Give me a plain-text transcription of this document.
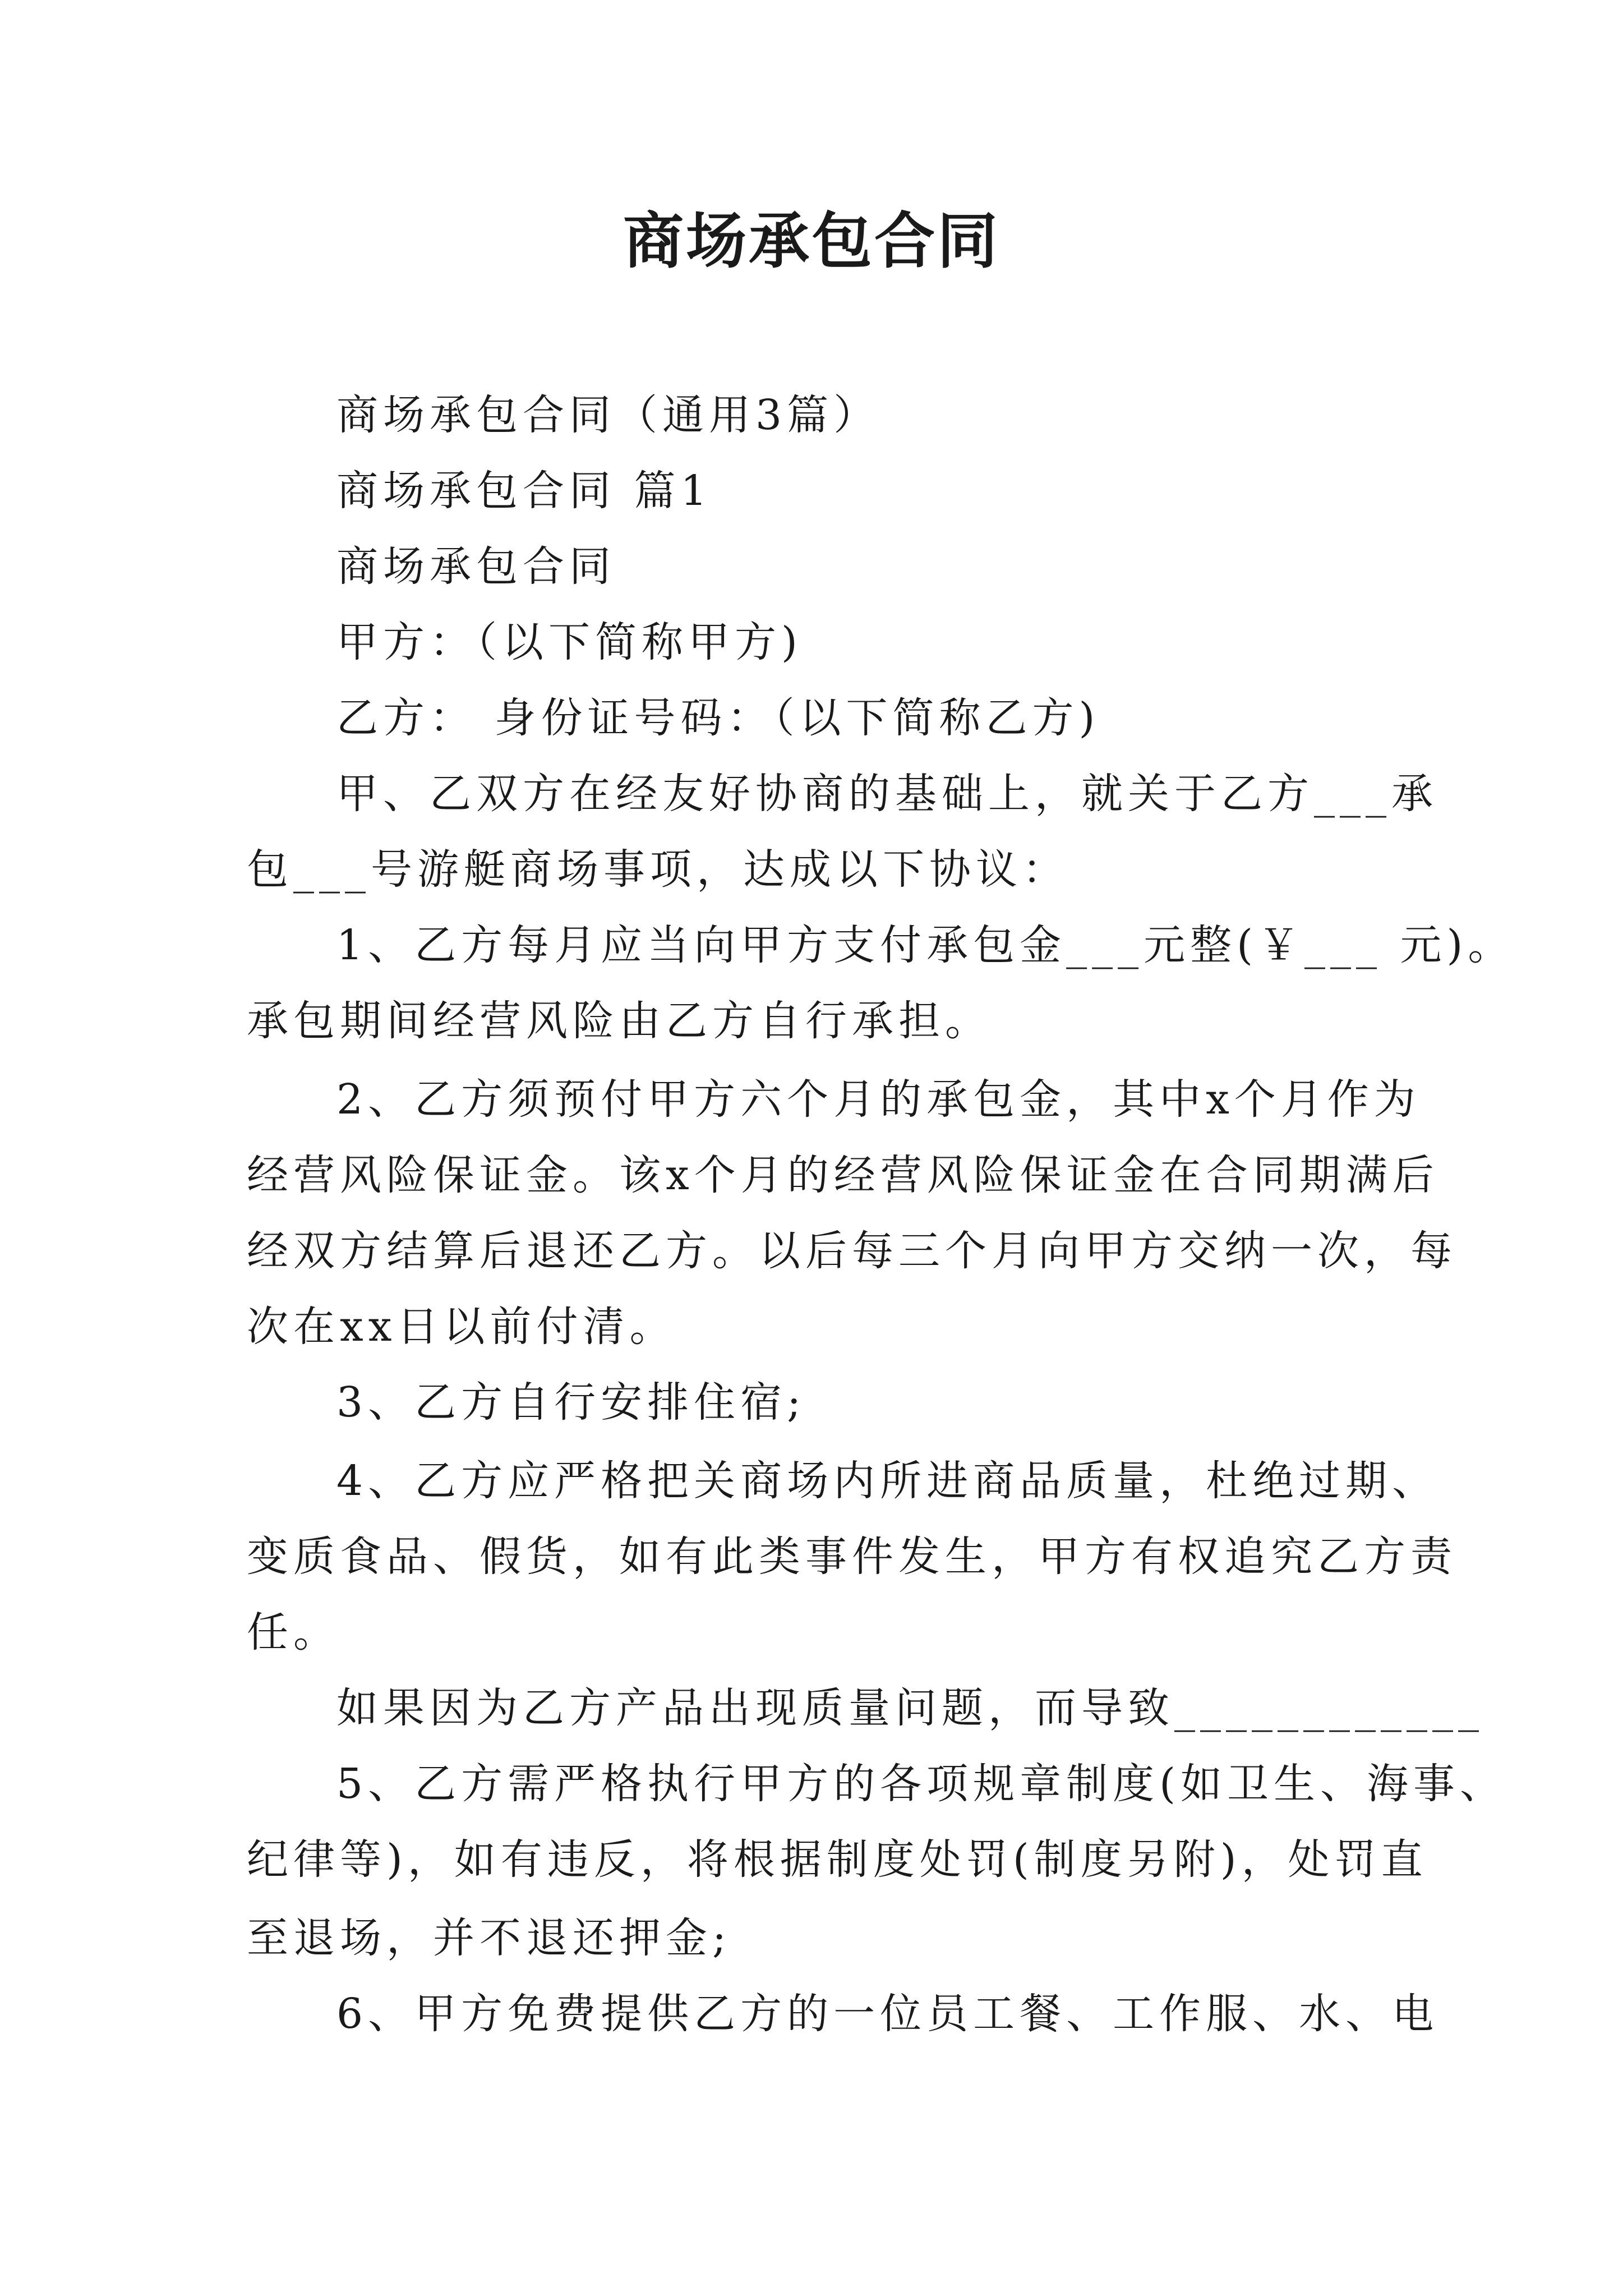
商场承包合同
商场承包合同（通用3篇）
商场承包合同 篇1
商场承包合同
甲方：（以下简称甲方)
乙方： 身份证号码：（以下简称乙方)
甲、乙双方在经友好协商的基础上，就关于乙方___承
包___号游艇商场事项，达成以下协议：
1、乙方每月应当向甲方支付承包金___元整(￥___ 元)。
承包期间经营风险由乙方自行承担。
2、乙方须预付甲方六个月的承包金，其中x个月作为
经营风险保证金。该x个月的经营风险保证金在合同期满后
经双方结算后退还乙方。以后每三个月向甲方交纳一次，每
次在xx日以前付清。
3、乙方自行安排住宿;
4、乙方应严格把关商场内所进商品质量，杜绝过期、
变质食品、假货，如有此类事件发生，甲方有权追究乙方责
任。
如果因为乙方产品出现质量问题，而导致____________
5、乙方需严格执行甲方的各项规章制度(如卫生、海事、
纪律等)，如有违反，将根据制度处罚(制度另附)，处罚直
至退场，并不退还押金;
6、甲方免费提供乙方的一位员工餐、工作服、水、电
